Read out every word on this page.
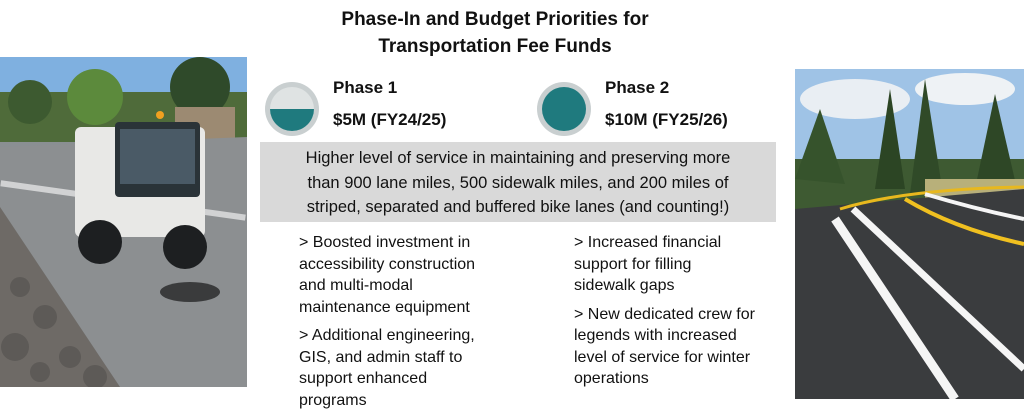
Phase-In and Budget Priorities for
Transportation Fee Funds
Phase 1
$5M (FY24/25)
Phase 2
$10M (FY25/26)
Higher level of service in maintaining and preserving more
than 900 lane miles, 500 sidewalk miles, and 200 miles of
striped, separated and buffered bike lanes (and counting!)

> Boosted investment in
accessibility construction
and multi-modal
maintenance equipment

> Additional engineering,
GIS, and admin staff to
support enhanced
programs

> Increased financial
support for filling
sidewalk gaps

> New dedicated crew for
legends with increased
level of service for winter
operations
